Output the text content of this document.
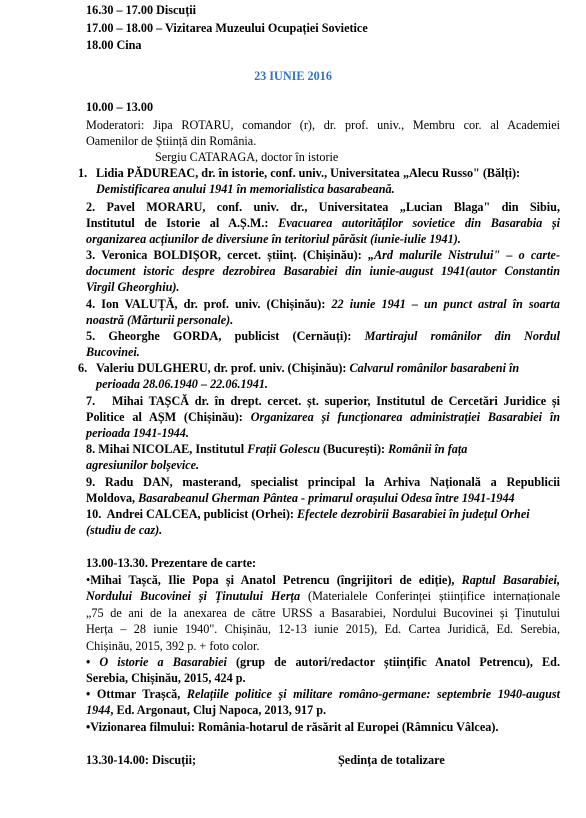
16.30 – 17.00 Discuții
17.00 – 18.00 – Vizitarea Muzeului Ocupației Sovietice
18.00 Cina
23 IUNIE 2016
10.00 – 13.00
Moderatori: Jipa ROTARU, comandor (r), dr. prof. univ., Membru cor. al Academiei
Oamenilor de Știință din România.
Sergiu CATARAGA, doctor în istorie
1. Lidia PĂDUREAC, dr. în istorie, conf. univ., Universitatea „Alecu Russo" (Bălți):
Demistificarea anului 1941 în memorialistica basarabeană.
2. Pavel MORARU, conf. univ. dr., Universitatea „Lucian Blaga" din Sibiu,
Institutul de Istorie al A.Ș.M.: Evacuarea autorităților sovietice din Basarabia și
organizarea acțiunilor de diversiune în teritoriul părăsit (iunie-iulie 1941).
3. Veronica BOLDIȘOR, cercet. științ. (Chișinău): „Ard malurile Nistrului" – o carte-
document istoric despre dezrobirea Basarabiei din iunie-august 1941(autor Constantin
Virgil Gheorghiu).
4. Ion VALUȚĂ, dr. prof. univ. (Chișinău): 22 iunie 1941 – un punct astral în soarta
noastră (Mărturii personale).
5. Gheorghe GORDA, publicist (Cernăuți): Martirajul românilor din Nordul
Bucovinei.
6. Valeriu DULGHERU, dr. prof. univ. (Chișinău): Calvarul românilor basarabeni în
perioada 28.06.1940 – 22.06.1941.
7. Mihai TAȘCĂ dr. în drept. cercet. șt. superior, Institutul de Cercetări Juridice și
Politice al AȘM (Chișinău): Organizarea și funcționarea administrației Basarabiei în
perioada 1941-1944.
8. Mihai NICOLAE, Institutul Frații Golescu (București): Românii în fața
agresiunilor bolșevice.
9. Radu DAN, masterand, specialist principal la Arhiva Națională a Republicii
Moldova, Basarabeanul Gherman Pântea - primarul orașului Odesa între 1941-1944
10. Andrei CALCEA, publicist (Orhei): Efectele dezrobirii Basarabiei în județul Orhei
(studiu de caz).
13.00-13.30. Prezentare de carte:
•Mihai Tașcă, Ilie Popa și Anatol Petrencu (îngrijitori de ediție), Raptul Basarabiei,
Nordului Bucovinei și Ținutului Herța (Materialele Conferinței științifice internaționale
„75 de ani de la anexarea de către URSS a Basarabiei, Nordului Bucovinei și Ținutului
Herța – 28 iunie 1940". Chișinău, 12-13 iunie 2015), Ed. Cartea Juridică, Ed. Serebia,
Chișinău, 2015, 392 p. + foto color.
• O istorie a Basarabiei (grup de autori/redactor științific Anatol Petrencu), Ed.
Serebia, Chișinău, 2015, 424 p.
• Ottmar Trașcă, Relațiile politice și militare româno-germane: septembrie 1940-august
1944, Ed. Argonaut, Cluj Napoca, 2013, 917 p.
•Vizionarea filmului: România-hotarul de răsărit al Europei (Râmnicu Vâlcea).
13.30-14.00: Discuții;	Ședința de totalizare
